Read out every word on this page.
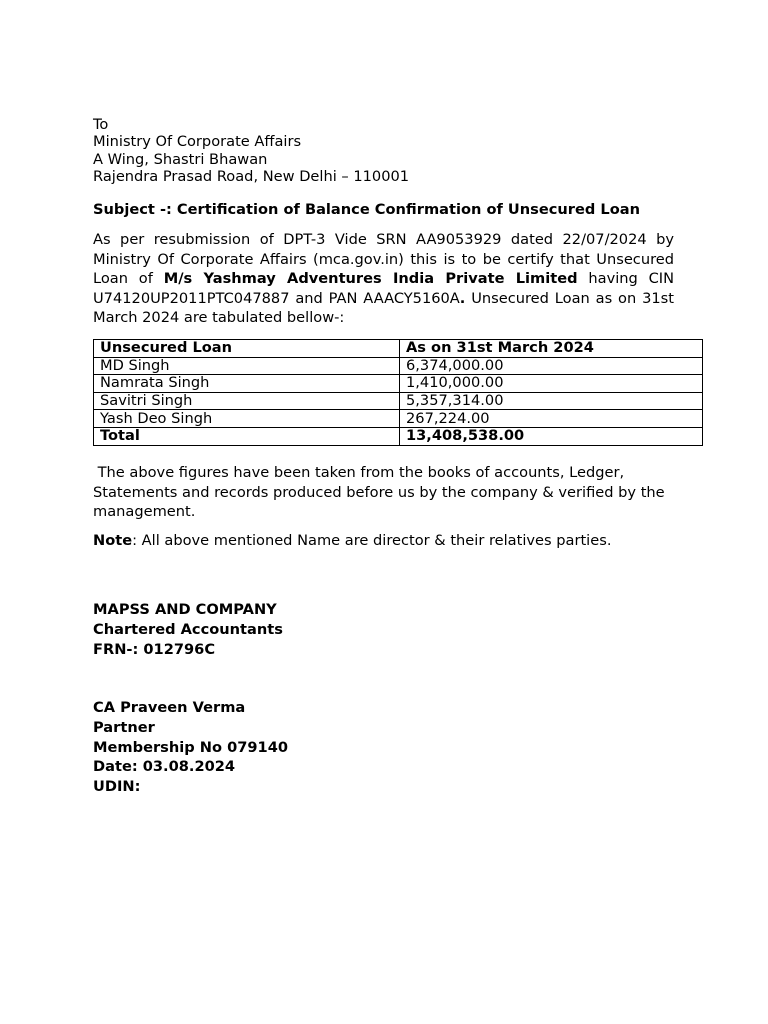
To
Ministry Of Corporate Affairs
A Wing, Shastri Bhawan
Rajendra Prasad Road, New Delhi – 110001
Subject -: Certification of Balance Confirmation of Unsecured Loan
As per resubmission of DPT-3 Vide SRN AA9053929 dated 22/07/2024 by Ministry Of Corporate Affairs (mca.gov.in) this is to be certify that Unsecured Loan of M/s Yashmay Adventures India Private Limited having CIN U74120UP2011PTC047887 and PAN AAACY5160A. Unsecured Loan as on 31st March 2024 are tabulated bellow-:
Unsecured Loan	As on 31st March 2024
MD Singh	6,374,000.00
Namrata Singh	1,410,000.00
Savitri Singh	5,357,314.00
Yash Deo Singh	267,224.00
Total	13,408,538.00
The above figures have been taken from the books of accounts, Ledger, Statements and records produced before us by the company & verified by the management.
Note: All above mentioned Name are director & their relatives parties.
MAPSS AND COMPANY
Chartered Accountants
FRN-: 012796C
CA Praveen Verma
Partner
Membership No 079140
Date: 03.08.2024
UDIN:
